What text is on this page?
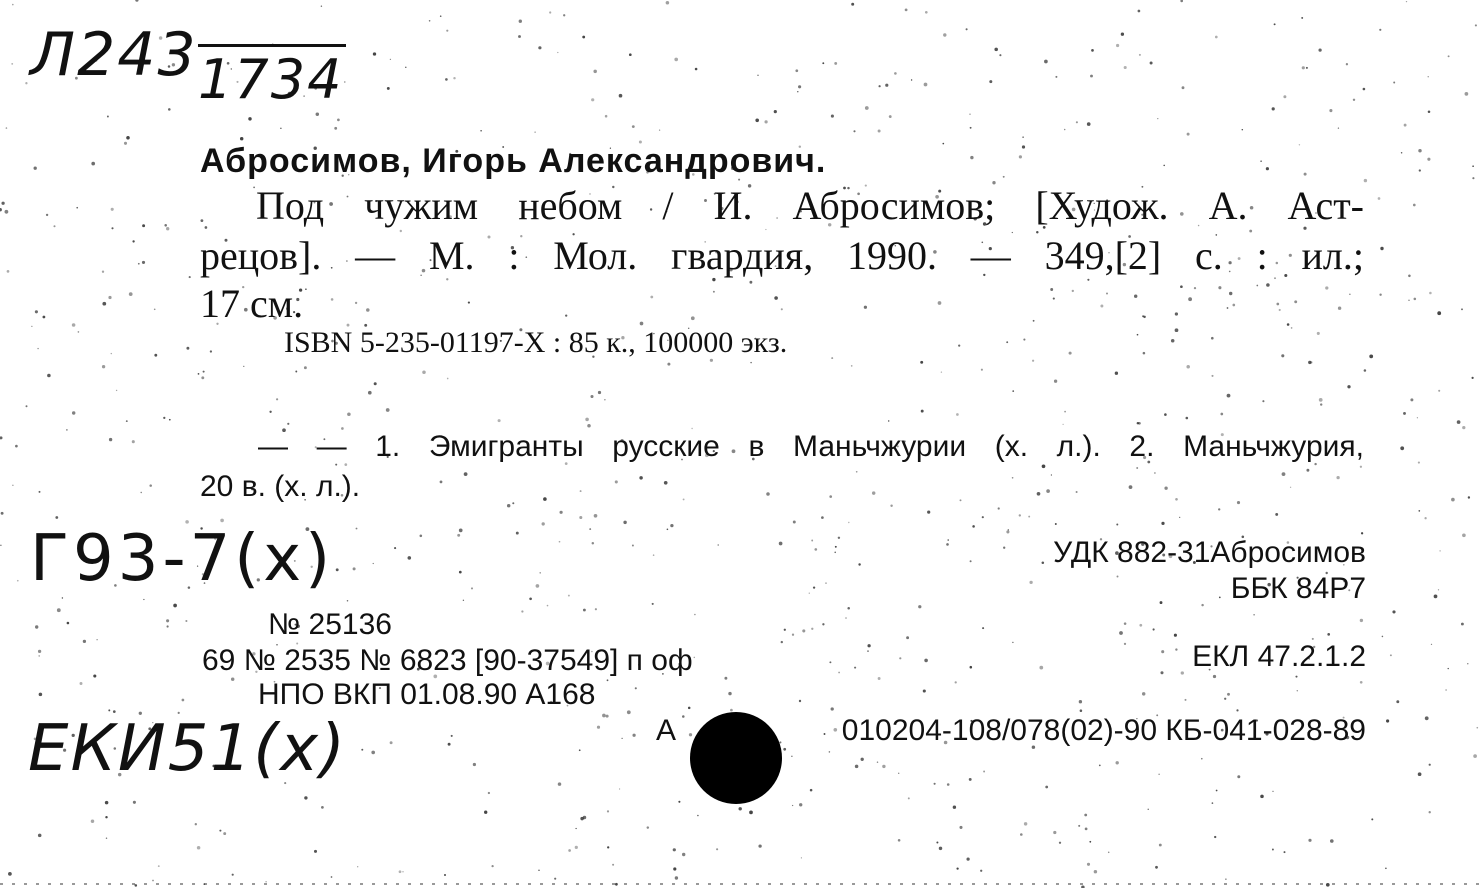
Л243 1734
Абросимов, Игорь Александрович.
Под чужим небом / И. Абросимов; [Худож. А. Аст-
рецов]. — М. : Мол. гвардия, 1990. — 349,[2] с. : ил.;
17 см.
ISBN 5-235-01197-X : 85 к., 100000 экз.
— — 1. Эмигранты русские в Маньчжурии (х. л.). 2. Маньчжурия,
20 в. (х. л.).
Г93-7(х)
ЕКИ51(х)
УДК 882-31Абросимов
ББК 84Р7
ЕКЛ 47.2.1.2
№ 25136
69 № 2535 № 6823 [90-37549] п оф
НПО ВКП 01.08.90 А168
А	010204-108/078(02)-90 КБ-041-028-89
